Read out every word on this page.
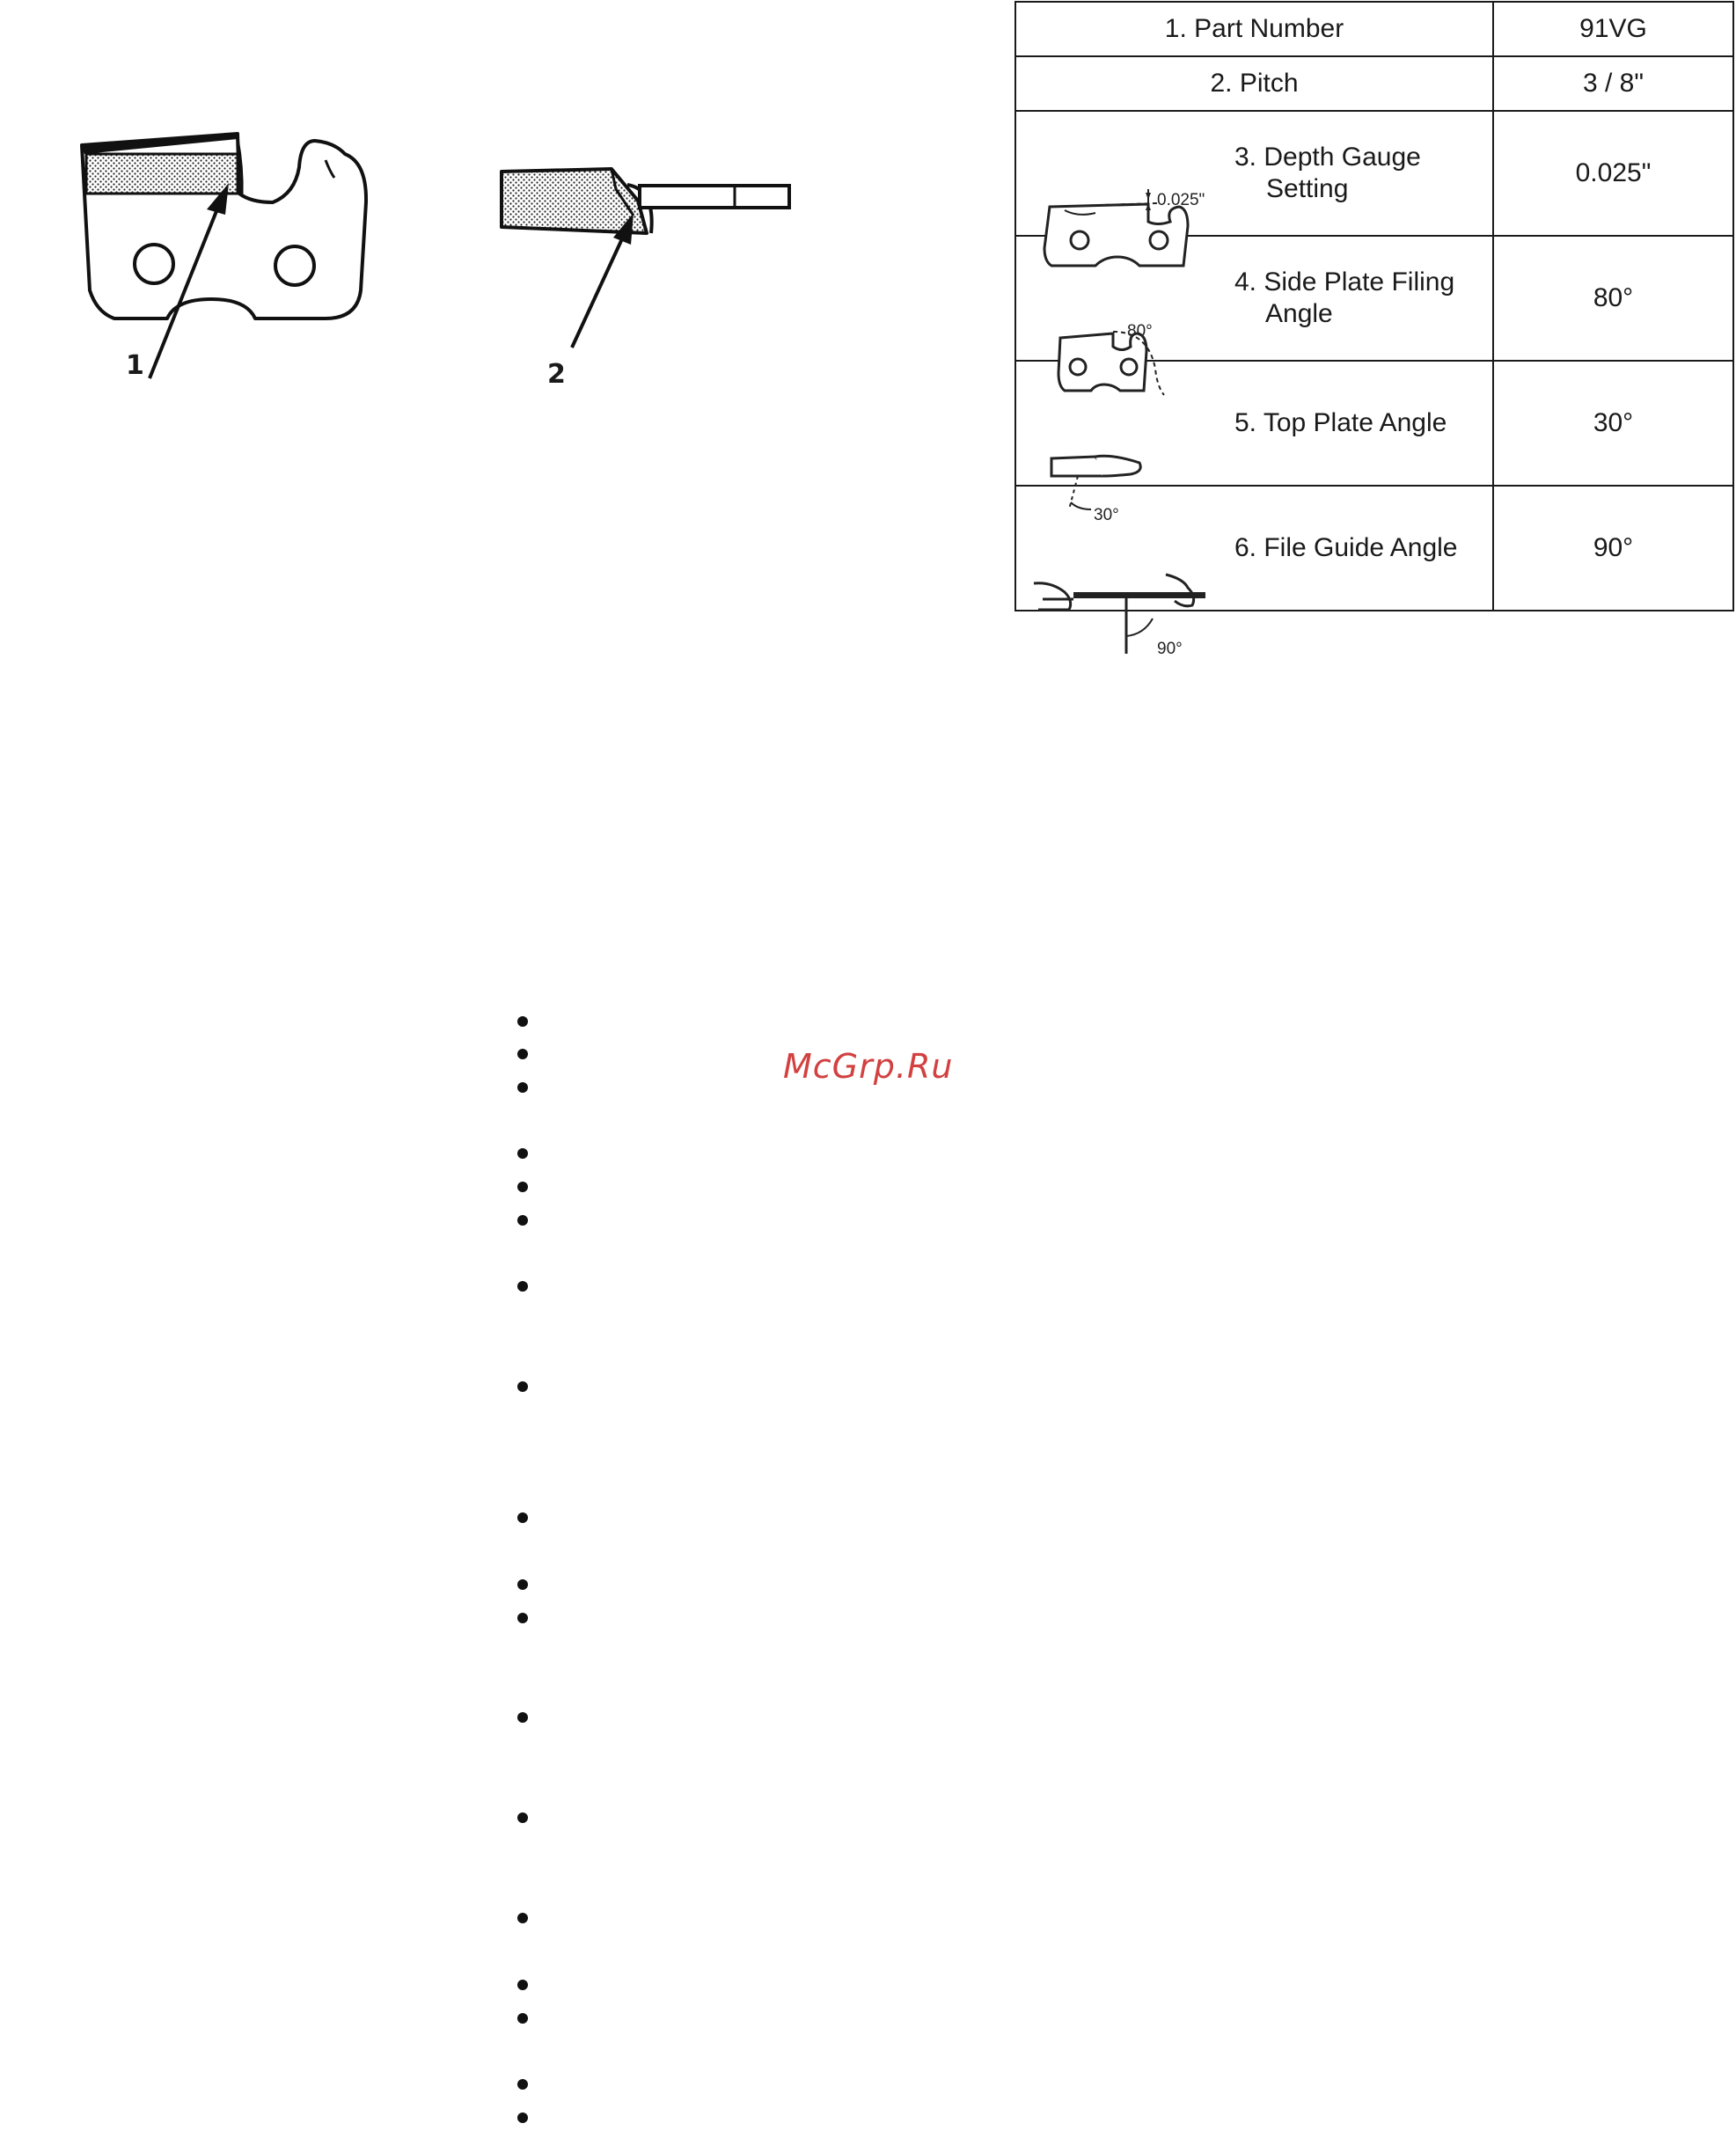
1	2
1. Part Number	91VG
2. Pitch	3 / 8"

0.025"
3. Depth Gauge
Setting	0.025"

80°
4. Side Plate Filing
Angle	80°

30°
5. Top Plate Angle	30°

90°
6. File Guide Angle	90°
McGrp.Ru
